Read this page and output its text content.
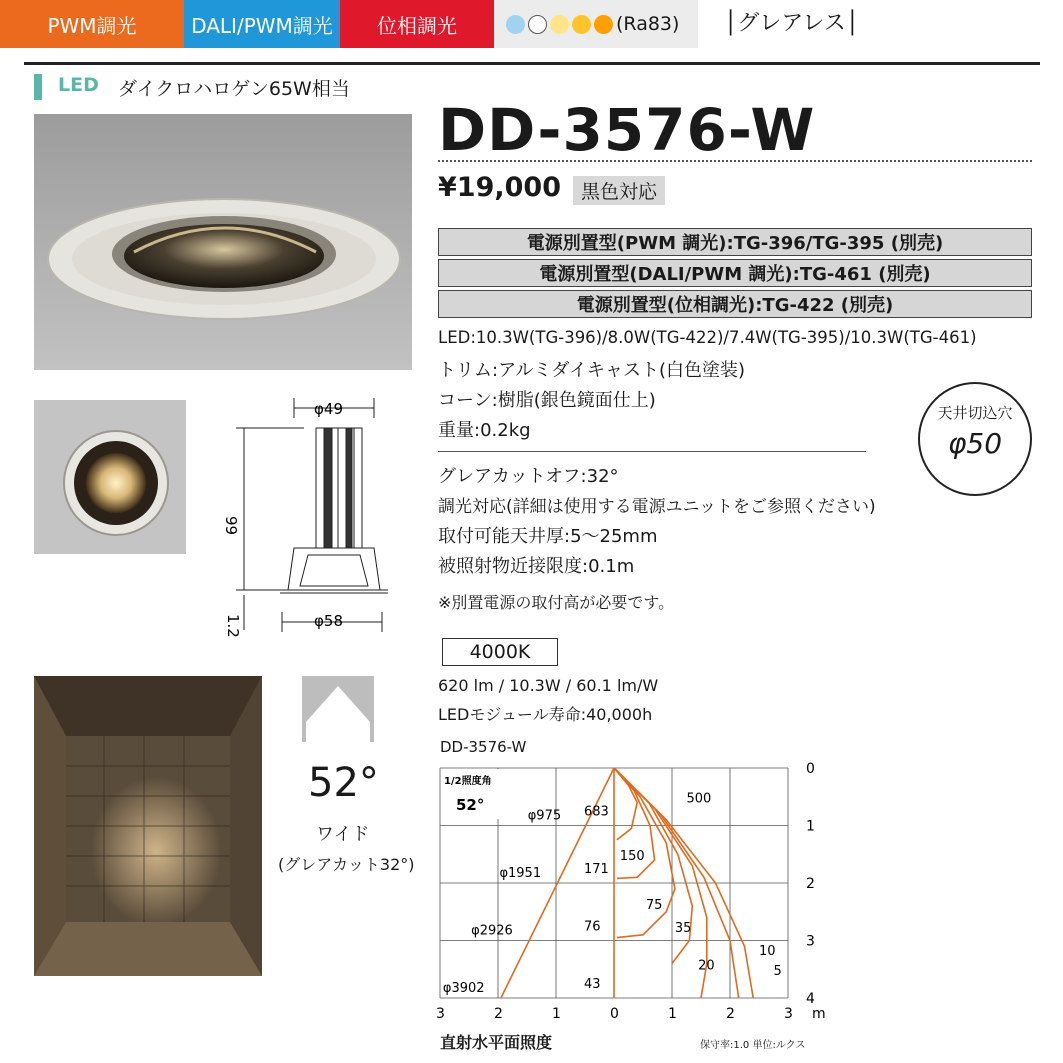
PWM調光	DALI/PWM調光 位相調光	(Ra83) │グレアレス│
LED ダイクロハロゲン65W相当
φ49
99
1.2	φ58
52°
ワイド
(グレアカット32°)
DD-3576-W
¥19,000	黒色対応
電源別置型(PWM 調光):TG-396/TG-395 (別売)
電源別置型(DALI/PWM 調光):TG-461 (別売)
電源別置型(位相調光):TG-422 (別売)
LED:10.3W(TG-396)/8.0W(TG-422)/7.4W(TG-395)/10.3W(TG-461)
トリム:アルミダイキャスト(白色塗装)
コーン:樹脂(銀色鏡面仕上)
重量:0.2kg
天井切込穴
φ50
グレアカットオフ:32°
調光対応(詳細は使用する電源ユニットをご参照ください)
取付可能天井厚:5〜25mm
被照射物近接限度:0.1m
※別置電源の取付高が必要です。
4000K
620 lm / 10.3W / 60.1 lm/W
LEDモジュール寿命:40,000h
DD-3576-W
3	2	1	0	1	2	3
0
1
2
3
4
m
1/2照度角
52°
φ975 683
φ1951	171
φ2926	76
φ3902	43
500
150
75
35
20
10
5
直射水平面照度	保守率:1.0 単位:ルクス
